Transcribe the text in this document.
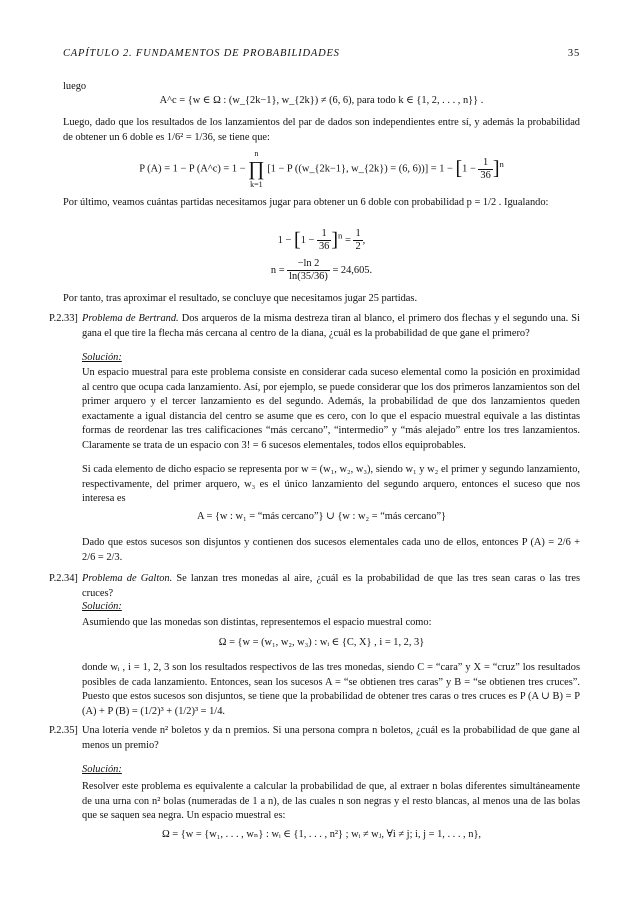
CAPÍTULO 2. FUNDAMENTOS DE PROBABILIDADES	35
luego
A^c = {w ∈ Ω : (w_{2k−1}, w_{2k}) ≠ (6, 6), para todo k ∈ {1, 2, . . . , n}} .
Luego, dado que los resultados de los lanzamientos del par de dados son independientes entre sí, y además la probabilidad de obtener un 6 doble es 1/6² = 1/36, se tiene que:
P (A) = 1 − P (A^c) = 1 − n
∏
k=1 [1 − P ((w_{2k−1}, w_{2k}) = (6, $6))] = 1 - [1 - \frac{1}{36} ]^n$
Por último, veamos cuántas partidas necesitamos jugar para obtener un 6 doble con probabilidad p = 1/2 . Igualando:
$1 - [1 - \frac{1}{36} ]^n = \frac{1}{2}$ ,
$n = \frac{-\ln 2}{\ln(35/36)} = 24,605$.
Por tanto, tras aproximar el resultado, se concluye que necesitamos jugar 25 partidas.
P.2.33] Problema de Bertrand. Dos arqueros de la misma destreza tiran al blanco, el primero dos flechas y el segundo una. Si gana el que tire la flecha más cercana al centro de la diana, ¿cuál es la probabilidad de que gane el primero?
Solución:
Un espacio muestral para este problema consiste en considerar cada suceso elemental como la posición en proximidad al centro que ocupa cada lanzamiento. Así, por ejemplo, se puede considerar que los dos primeros lanzamientos son del primer arquero y el tercer lanzamiento es del segundo. Además, la probabilidad de que dos lanzamientos queden exactamente a igual distancia del centro se asume que es cero, con lo que el espacio muestral equivale a las distintas formas de reordenar las tres calificaciones “más cercano”, “intermedio” y “más alejado” entre los tres lanzamientos. Claramente se trata de un espacio con 3! = 6 sucesos elementales, todos ellos equiprobables.
Si cada elemento de dicho espacio se representa por w = (w₁, w₂, w₃), siendo w₁ y w₂ el primer y segundo lanzamiento, respectivamente, del primer arquero, w₃ es el único lanzamiento del segundo arquero, entonces el suceso que nos interesa es
A = {w : w₁ = “más cercano”} ∪ {w : w₂ = “más cercano”}
Dado que estos sucesos son disjuntos y contienen dos sucesos elementales cada uno de ellos, entonces P (A) = 2/6 + 2/6 = 2/3.
P.2.34] Problema de Galton. Se lanzan tres monedas al aire, ¿cuál es la probabilidad de que las tres sean caras o las tres cruces?
Solución:
Asumiendo que las monedas son distintas, representemos el espacio muestral como:
Ω = {w = (w₁, w₂, w₃) : wᵢ ∈ {C, X} , i = 1, 2, 3}
donde wᵢ , i = 1, 2, 3 son los resultados respectivos de las tres monedas, siendo C = “cara” y X = “cruz” los resultados posibles de cada lanzamiento. Entonces, sean los sucesos A = “se obtienen tres caras” y B = “se obtienen tres cruces”. Puesto que estos sucesos son disjuntos, se tiene que la probabilidad de obtener tres caras o tres cruces es P (A ∪ B) = P (A) + P (B) = (1/2)³ + (1/2)³ = 1/4.
P.2.35] Una lotería vende n² boletos y da n premios. Si una persona compra n boletos, ¿cuál es la probabilidad de que gane al menos un premio?
Solución:
Resolver este problema es equivalente a calcular la probabilidad de que, al extraer n bolas diferentes simultáneamente de una urna con n² bolas (numeradas de 1 a n), de las cuales n son negras y el resto blancas, al menos una de las bolas que se saquen sea negra. Un espacio muestral es:
Ω = {w = {w₁, . . . , wₙ} : wᵢ ∈ {1, . . . , n²} ; wᵢ ≠ wⱼ, ∀i ≠ j; i, j = 1, . . . , n},
